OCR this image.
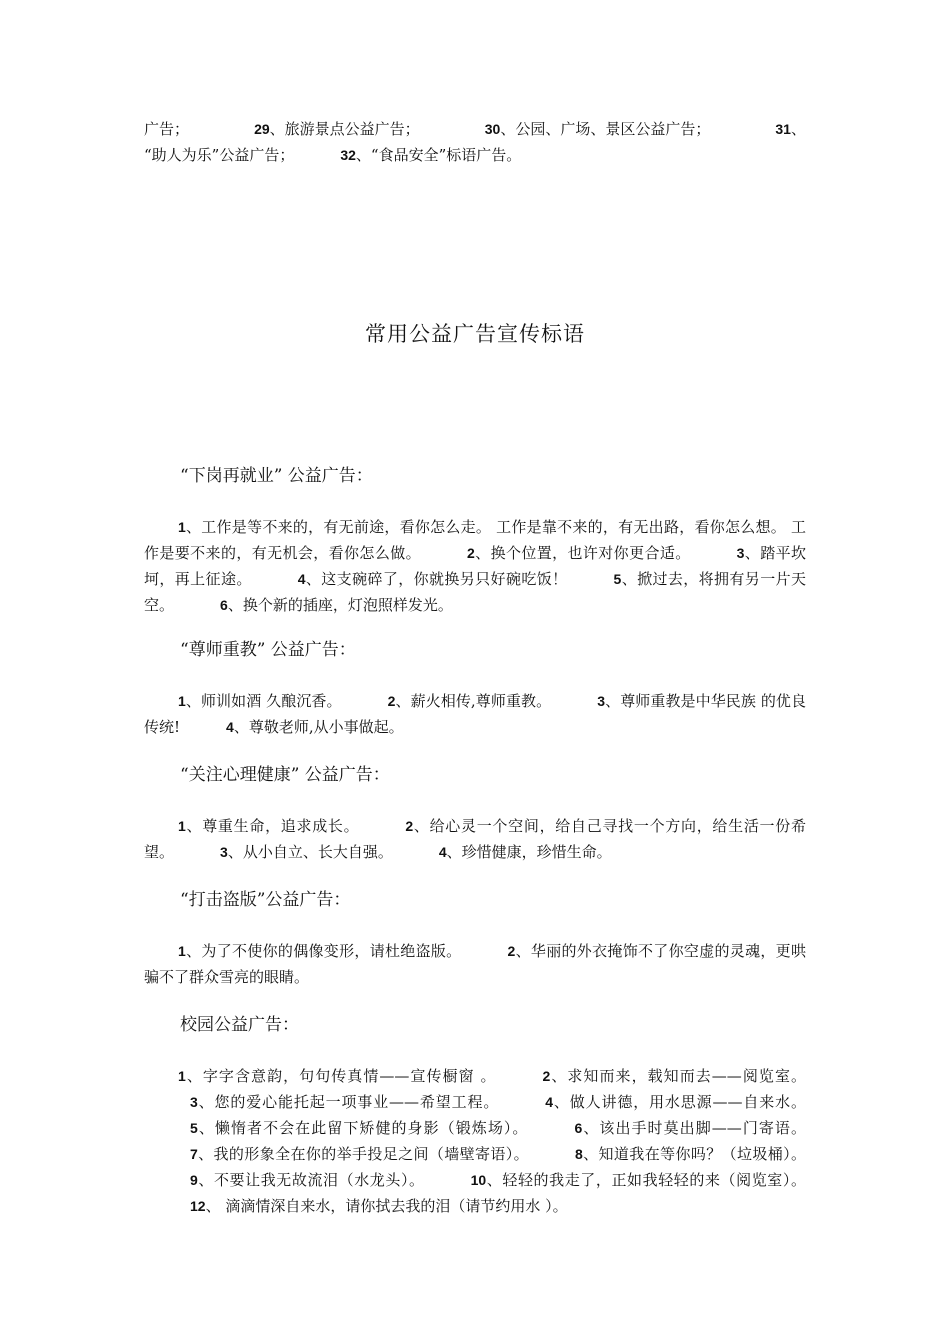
广告；	29、旅游景点公益广告；	30、公园、广场、景区公益广告；	31、
“助人为乐”公益广告；	32、“食品安全”标语广告。
常用公益广告宣传标语
“下岗再就业” 公益广告：
1、工作是等不来的，有无前途，看你怎么走。 工作是靠不来的，有无出路，看你怎么想。 工作是要不来的，有无机会，看你怎么做。	2、换个位置，也许对你更合适。	3、踏平坎坷，再上征途。	4、这支碗碎了，你就换另只好碗吃饭！	5、掀过去，将拥有另一片天空。	6、换个新的插座，灯泡照样发光。
“尊师重教” 公益广告：
1、师训如酒 久酿沉香。	2、薪火相传,尊师重教。	3、尊师重教是中华民族 的优良传统!	4、尊敬老师,从小事做起。
“关注心理健康” 公益广告：
1、尊重生命，追求成长。	2、给心灵一个空间，给自己寻找一个方向，给生活一份希望。	3、从小自立、长大自强。	4、珍惜健康，珍惜生命。
“打击盗版”公益广告：
1、为了不使你的偶像变形，请杜绝盗版。	2、华丽的外衣掩饰不了你空虚的灵魂，更哄骗不了群众雪亮的眼睛。
校园公益广告：
1、字字含意韵，句句传真情——宣传橱窗 。	2、求知而来，载知而去——阅览室。3、您的爱心能托起一项事业——希望工程。	4、做人讲德，用水思源——自来水。5、懒惰者不会在此留下矫健的身影（锻炼场）。	6、该出手时莫出脚——门寄语。7、我的形象全在你的举手投足之间（墙壁寄语）。	8、知道我在等你吗？（垃圾桶）。9、不要让我无故流泪（水龙头）。	10、轻轻的我走了，正如我轻轻的来（阅览室）。12、 滴滴情深自来水，请你拭去我的泪（请节约用水 ）。
